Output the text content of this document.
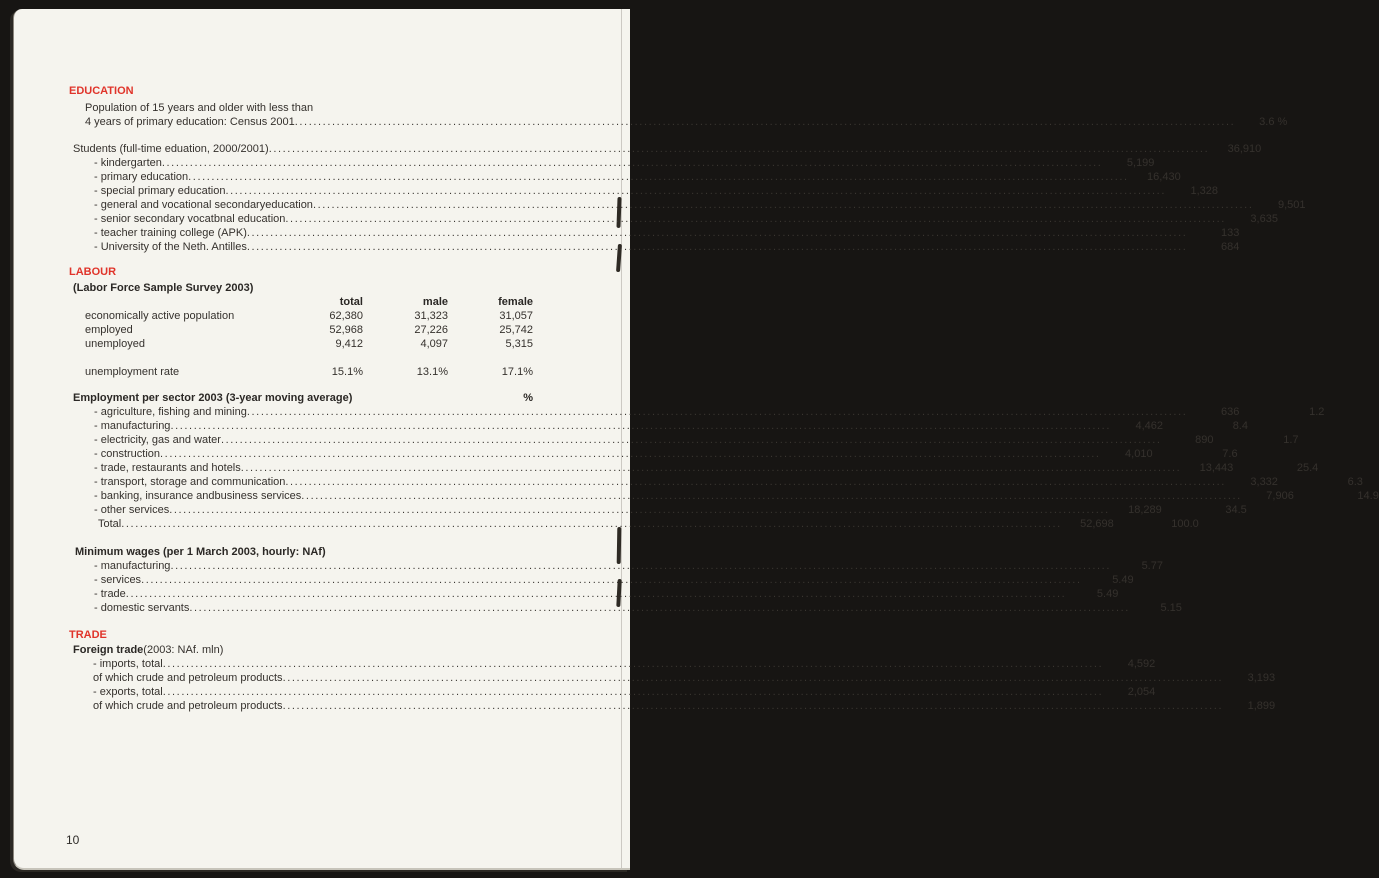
EDUCATION
Population of 15 years and older with less than
4 years of primary education: Census 2001 .....	3.6 %
Students (full-time eduation, 2000/2001) .....	36,910
- kindergarten .....	5,199
- primary education .....	16,430
- special primary education .....	1,328
- general and vocational secondaryeducation .....	9,501
- senior secondary vocatbnal education .....	3,635
- teacher training college (APK) .....	133
- University of the Neth. Antilles .....	684
LABOUR
(Labor Force Sample Survey 2003)
total	male	female
economically active population	62,380	31,323	31,057
employed	52,968	27,226	25,742
unemployed	9,412	4,097	5,315
unemployment rate	15.1%	13.1%	17.1%
Employment per sector 2003 (3-year moving average)	%
- agriculture, fishing and mining .....	636	1.2
- manufacturing .....	4,462	8.4
- electricity, gas and water .....	890	1.7
- construction .....	4,010	7.6
- trade, restaurants and hotels .....	13,443	25.4
- transport, storage and communication .....	3,332	6.3
- banking, insurance andbusiness services .....	7,906	14.9
- other services .....	18,289	34.5
Total .....	52,698	100.0
Minimum wages (per 1 March 2003, hourly: NAf)
- manufacturing .....	5.77
- services .....	5.49
- trade .....	5.49
- domestic servants .....	5.15
TRADE
Foreign trade (2003: NAf. mln)
- imports, total .....	4,592
of which crude and petroleum products .....	3,193
- exports, total .....	2,054
of which crude and petroleum products .....	1,899
10
